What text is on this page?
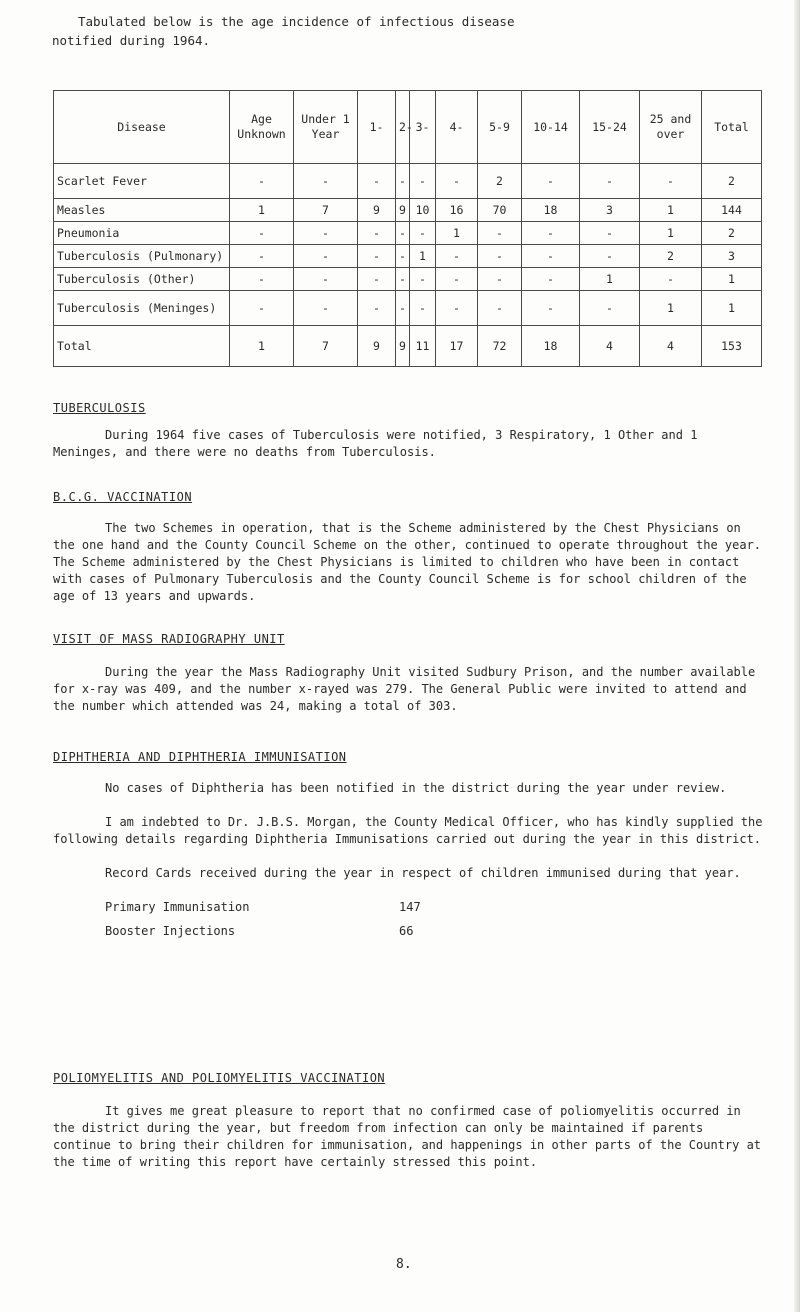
Tabulated below is the age incidence of infectious disease
notified during 1964.
Disease	Age Unknown	Under 1 Year	1-	2-	3-	4-	5-9	10-14	15-24	25 and over	Total
Scarlet Fever	-	-	-	-	-	-	2	-	-	-	2
Measles	1	7	9	9	10	16	70	18	3	1	144
Pneumonia	-	-	-	-	-	1	-	-	-	1	2
Tuberculosis (Pulmonary)	-	-	-	-	1	-	-	-	-	2	3
Tuberculosis (Other)	-	-	-	-	-	-	-	-	1	-	1
Tuberculosis (Meninges)	-	-	-	-	-	-	-	-	-	1	1
Total	1	7	9	9	11	17	72	18	4	4	153
TUBERCULOSIS
During 1964 five cases of Tuberculosis were notified, 3 Respiratory, 1 Other and 1 Meninges, and there were no deaths from Tuberculosis.
B.C.G. VACCINATION
The two Schemes in operation, that is the Scheme administered by the Chest Physicians on the one hand and the County Council Scheme on the other, continued to operate throughout the year. The Scheme administered by the Chest Physicians is limited to children who have been in contact with cases of Pulmonary Tuberculosis and the County Council Scheme is for school children of the age of 13 years and upwards.
VISIT OF MASS RADIOGRAPHY UNIT
During the year the Mass Radiography Unit visited Sudbury Prison, and the number available for x-ray was 409, and the number x-rayed was 279. The General Public were invited to attend and the number which attended was 24, making a total of 303.
DIPHTHERIA AND DIPHTHERIA IMMUNISATION
No cases of Diphtheria has been notified in the district during the year under review.
I am indebted to Dr. J.B.S. Morgan, the County Medical Officer, who has kindly supplied the following details regarding Diphtheria Immunisations carried out during the year in this district.
Record Cards received during the year in respect of children immunised during that year.
Primary Immunisation	147
Booster Injections	66
POLIOMYELITIS AND POLIOMYELITIS VACCINATION
It gives me great pleasure to report that no confirmed case of poliomyelitis occurred in the district during the year, but freedom from infection can only be maintained if parents continue to bring their children for immunisation, and happenings in other parts of the Country at the time of writing this report have certainly stressed this point.
8.
